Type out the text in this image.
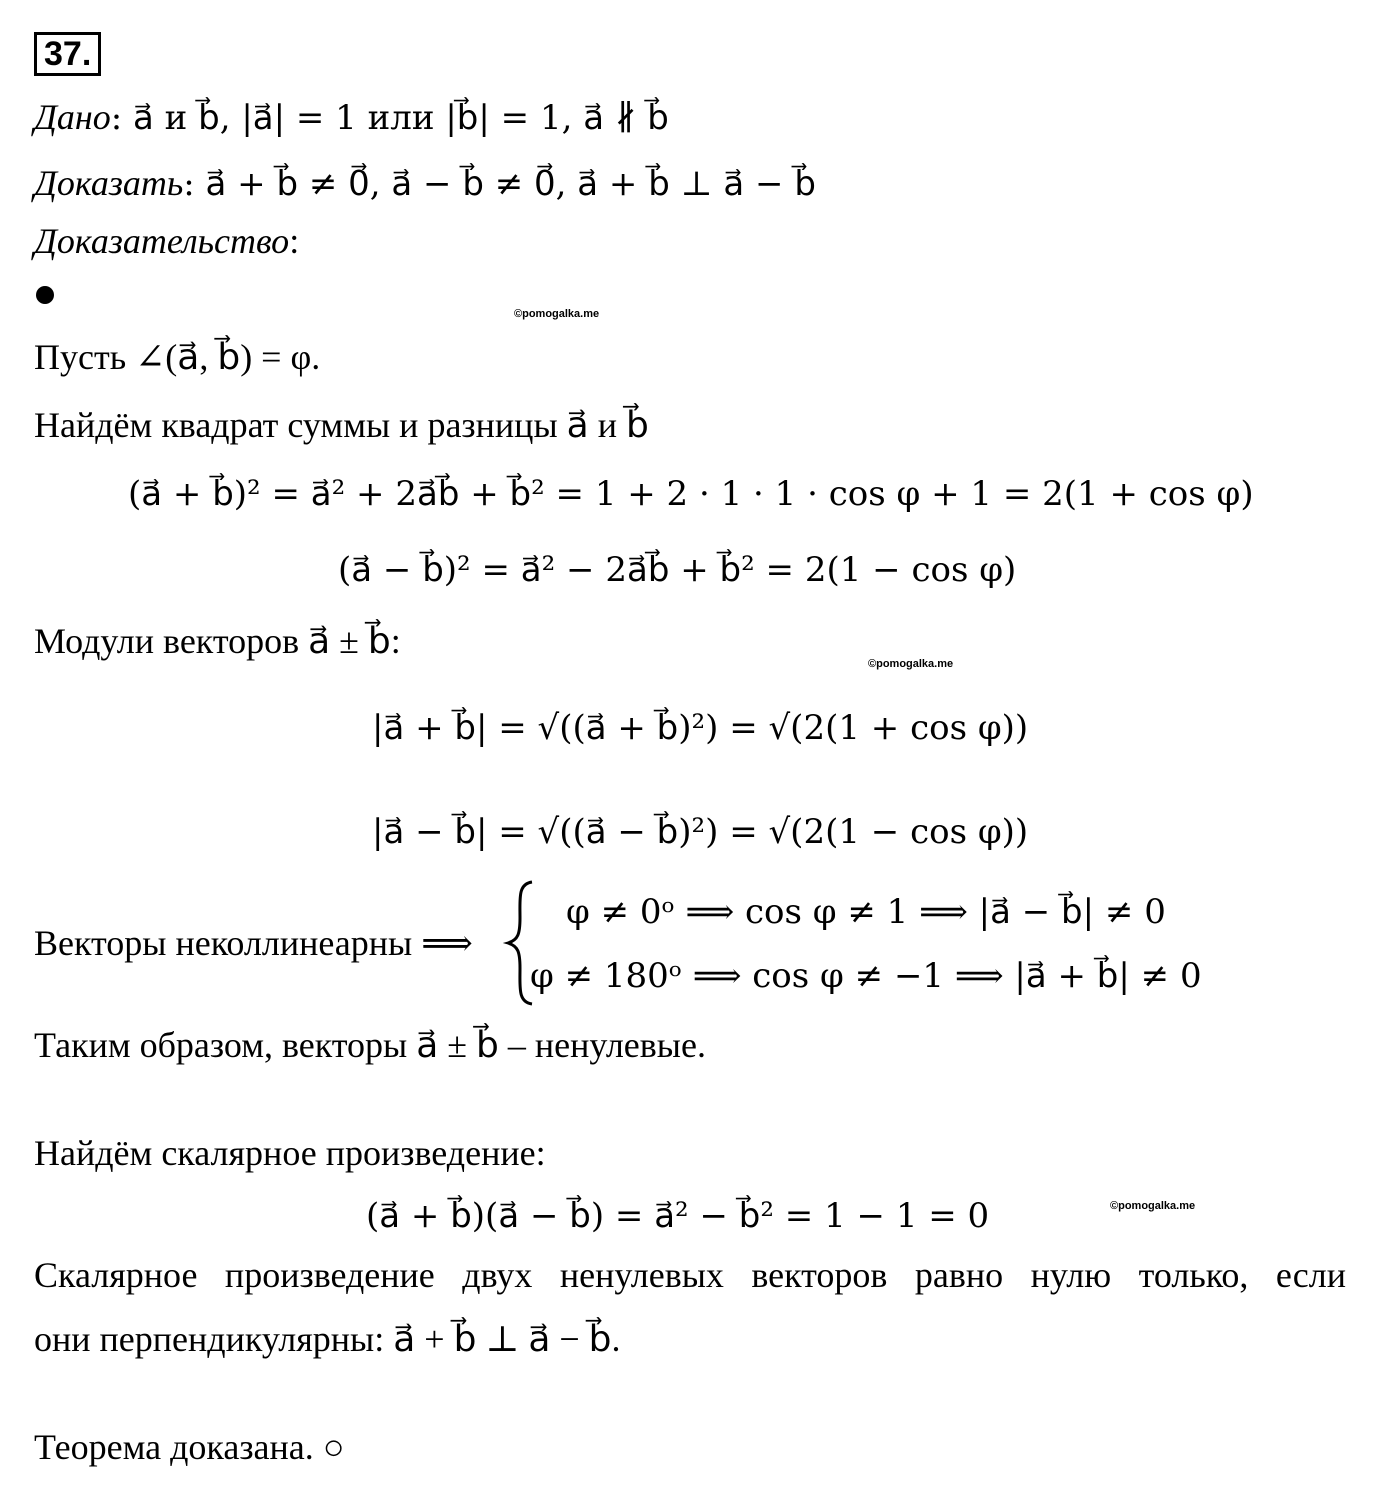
37.
Дано: a⃗ и b⃗, |a⃗| = 1 или |b⃗| = 1, a⃗ ∦ b⃗
Доказать: a⃗ + b⃗ ≠ 0⃗, a⃗ − b⃗ ≠ 0⃗, a⃗ + b⃗ ⊥ a⃗ − b⃗
Доказательство:
©pomogalka.me
Пусть ∠(a⃗, b⃗) = φ.
Найдём квадрат суммы и разницы a⃗ и b⃗
(a⃗ + b⃗)² = a⃗² + 2a⃗b⃗ + b⃗² = 1 + 2 · 1 · 1 · cos φ + 1 = 2(1 + cos φ)
(a⃗ − b⃗)² = a⃗² − 2a⃗b⃗ + b⃗² = 2(1 − cos φ)
Модули векторов a⃗ ± b⃗:
©pomogalka.me
|a⃗ + b⃗| = √((a⃗ + b⃗)²) = √(2(1 + cos φ))
|a⃗ − b⃗| = √((a⃗ − b⃗)²) = √(2(1 − cos φ))
Векторы неколлинеарны ⟹
φ ≠ 0ᵒ ⟹ cos φ ≠ 1 ⟹ |a⃗ − b⃗| ≠ 0
φ ≠ 180ᵒ ⟹ cos φ ≠ −1 ⟹ |a⃗ + b⃗| ≠ 0
Таким образом, векторы a⃗ ± b⃗ – ненулевые.
Найдём скалярное произведение:
(a⃗ + b⃗)(a⃗ − b⃗) = a⃗² − b⃗² = 1 − 1 = 0	©pomogalka.me
Скалярное произведение двух ненулевых векторов равно нулю только, если
они перпендикулярны: a⃗ + b⃗ ⊥ a⃗ − b⃗.
Теорема доказана. ○
